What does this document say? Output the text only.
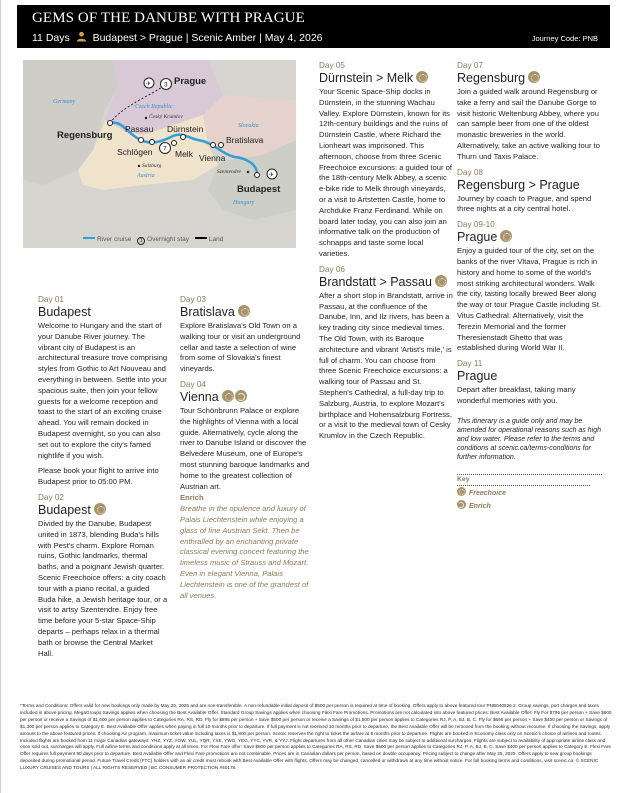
GEMS OF THE DANUBE WITH PRAGUE
11 Days Budapest > Prague | Scenic Amber | May 4, 2026	Journey Code: PNB
✈ 3
7
✈
Prague
Regensburg
Passau
Schlögen
Dürnstein
Melk Vienna
Bratislava
Budapest
Český Krumlov
Salzburg
Szentendre
Germany
Czech Republic
Slovakia
Austria
Hungary
River cruise 1 Overnight stay	Land
Day 01
Budapest

Welcome to Hungary and the start of your Danube River journey. The vibrant city of Budapest is an architectural treasure trove comprising styles from Gothic to Art Nouveau and everything in between. Settle into your spacious suite, then join your fellow guests for a welcome reception and toast to the start of an exciting cruise ahead. You will remain docked in Budapest overnight, so you can also set out to explore the city's famed nightlife if you wish.

Please book your flight to arrive into Budapest prior to 05:00 PM.

Day 02
Budapest

Divided by the Danube, Budapest united in 1873, blending Buda's hills with Pest's charm. Explore Roman ruins, Gothic landmarks, thermal baths, and a poignant Jewish quarter. Scenic Freechoice offers: a city coach tour with a piano recital, a guided Buda hike, a Jewish heritage tour, or a visit to artsy Szentendre. Enjoy free time before your 5-star Space-Ship departs – perhaps relax in a thermal bath or browse the Central Market Hall.

Day 03
Bratislava

Explore Bratislava's Old Town on a walking tour or visit an underground cellar and taste a selection of wine from some of Slovakia's finest vineyards.

Day 04
Vienna

Tour Schönbrunn Palace or explore the highlights of Vienna with a local guide. Alternatively, cycle along the river to Danube Island or discover the Belvedere Museum, one of Europe's most stunning baroque landmarks and home to the greatest collection of Austrian art.

Enrich
Breathe in the opulence and luxury of Palais Liechtenstein while enjoying a glass of fine Austrian Sekt. Then be enthralled by an enchanting private classical evening concert featuring the timeless music of Strauss and Mozart. Even in elegant Vienna, Palais Liechtenstein is one of the grandest of all venues.
Day 05
Dürnstein > Melk

Your Scenic Space-Ship docks in Dürnstein, in the stunning Wachau Valley. Explore Dürnstein, known for its 12th-century buildings and the ruins of Dürnstein Castle, where Richard the Lionheart was imprisoned. This afternoon, choose from three Scenic Freechoice excursions: a guided tour of the 18th-century Melk Abbey, a scenic e-bike ride to Melk through vineyards, or a visit to Artstetten Castle, home to Archduke Franz Ferdinand. While on board later today, you can also join an informative talk on the production of schnapps and taste some local varieties.

Day 06
Brandstatt > Passau

After a short stop in Brandstatt, arrive in Passau, at the confluence of the Danube, Inn, and Ilz rivers, has been a key trading city since medieval times. The Old Town, with its Baroque architecture and vibrant 'Artist's mile,' is full of charm. You can choose from three Scenic Freechoice excursions: a walking tour of Passau and St. Stephen's Cathedral, a full-day trip to Salzburg, Austria, to explore Mozart's birthplace and Hohensalzburg Fortress, or a visit to the medieval town of Cesky Krumlov in the Czech Republic.

Day 07
Regensburg

Join a guided walk around Regensburg or take a ferry and sail the Danube Gorge to visit historic Weltenburg Abbey, where you can sample beer from one of the oldest monastic breweries in the world. Alternatively, take an active walking tour to Thurn und Taxis Palace.

Day 08
Regensburg > Prague

Journey by coach to Prague, and spend three nights at a city central hotel.

Day 09-10
Prague

Enjoy a guided tour of the city, set on the banks of the river Vltava, Prague is rich in history and home to some of the world's most striking architectural wonders. Walk the city, tasting locally brewed Beer along the way or tour Prague Castle including St. Vitus Cathedral. Alternatively, visit the Terezin Memorial and the former Theresienstadt Ghetto that was established during World War II.

Day 11
Prague

Depart after breakfast, taking many wonderful memories with you.

This itinerary is a guide only and may be amended for operational reasons such as high and low water. Please refer to the terms and conditions at scenic.ca/terms-conditions for further information.
Key
Freechoice
Enrich
*Terms and Conditions: Offers valid for new bookings only made by May 25, 2025 and are non-transferable. A non-refundable initial deposit of $500 per person is required at time of booking. Offers apply to above featured tour PNB040526.2. Group savings, port charges and taxes included in above pricing. MegaGroups Savings applies when choosing the Best Available Offer, Standard Group Savings applies when choosing Flexi Fare Promotions. Promotions are not calculated into above featured prices: Best Available Offer: Fly For $795 per person + Save $600 per person or receive a Savings of $1,600 per person applies to Categories RA, RS, RD. Fly for $895 per person + Save $500 per person or receive a Savings of $1,500 per person applies to Categories RJ, P, A, BJ, B, C. Fly for $695 per person + Save $400 per person or Savings of $1,300 per person applies to Category E. Best Available Offer applies when paying in full 10 months prior to departure. If full payment is not received 10 months prior to departure, the Best Available Offer will be removed from the booking without recourse. If choosing the Savings, apply amount to the above featured prices. If choosing Air program, maximum ticket value including taxes is $1,800 per person. Scenic reserves the right to ticket the airfare at 8 months prior to departure. Flights are booked in Economy class only on Scenic's choice of airlines and routes. Included flights are booked from 11 major Canadian gateways: YHZ, YYZ, YOW, YUL, YQR, YXE, YWG, YEG, YYC, YVR, & YYJ. Flight departures from all other Canadian cities may be subject to additional surcharges. Flights are subject to availability of appropriate airline class and once sold out, surcharges will apply. Full airline terms and conditions apply at all times. For Flexi Fare offer: Save $600 per person applies to Categories RA, RS, RD. Save $500 per person applies to Categories RJ, P, A, BJ, B, C. Save $400 per person applies to Category E. Flexi Fare Offer requires full payment 90 days prior to departure. Best Available Offer and Flexi Fare promotions are not combinable. Prices are in Canadian dollars per person, based on double occupancy. Pricing subject to change after May 25, 2025. Offers apply to new group bookings deposited during promotional period. Future Travel Credit (FTC) holders with an air credit must rebook with Best Available Offer with flights. Offers may be changed, cancelled or withdrawn at any time without notice. For full booking terms and conditions, visit scenic.ca. © SCENIC LUXURY CRUISES AND TOURS | ALL RIGHTS RESERVED | BC CONSUMER PROTECTION #40178.
